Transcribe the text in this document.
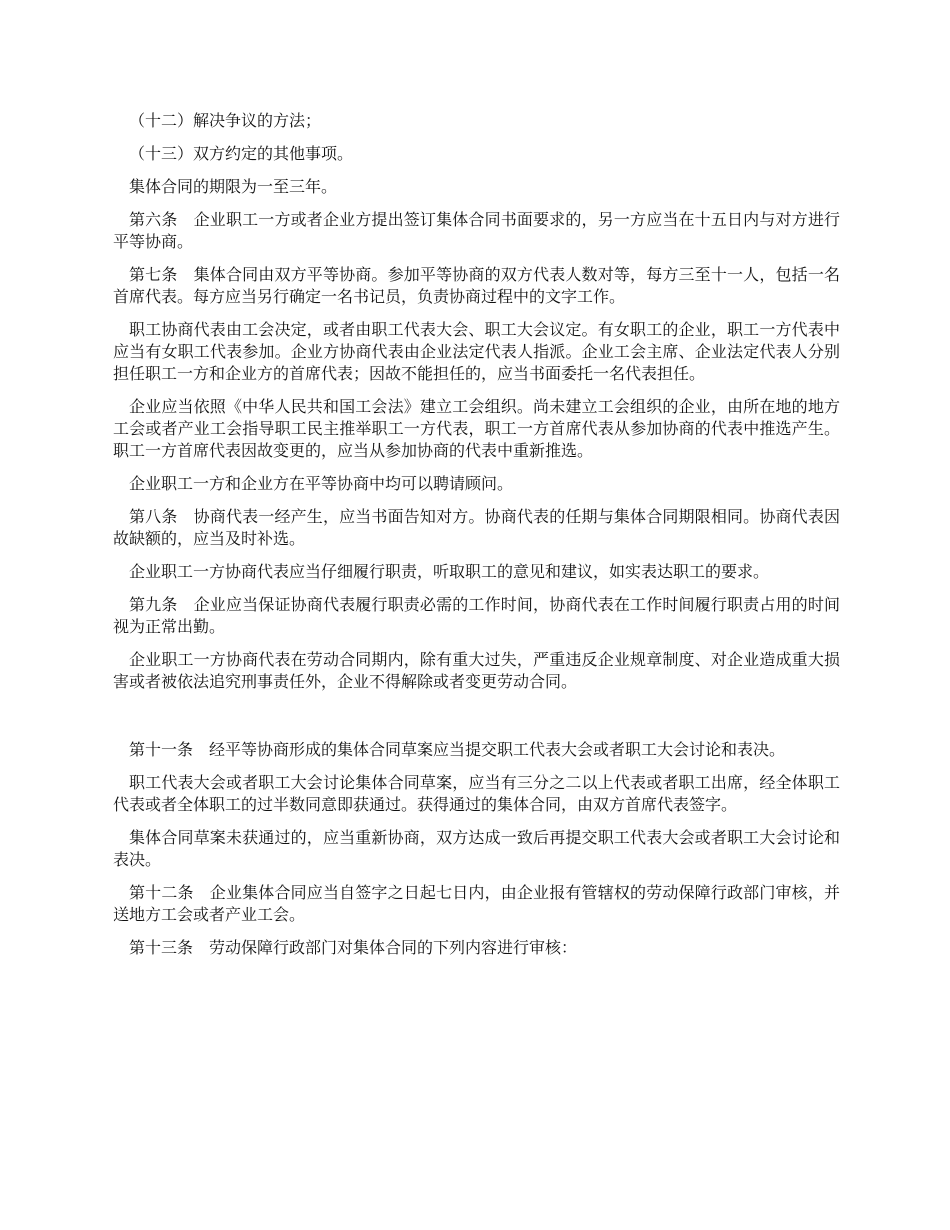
（十二）解决争议的方法；

（十三）双方约定的其他事项。

集体合同的期限为一至三年。

第六条　企业职工一方或者企业方提出签订集体合同书面要求的，另一方应当在十五日内与对方进行平等协商。

第七条　集体合同由双方平等协商。参加平等协商的双方代表人数对等，每方三至十一人，包括一名首席代表。每方应当另行确定一名书记员，负责协商过程中的文字工作。

职工协商代表由工会决定，或者由职工代表大会、职工大会议定。有女职工的企业，职工一方代表中应当有女职工代表参加。企业方协商代表由企业法定代表人指派。企业工会主席、企业法定代表人分别担任职工一方和企业方的首席代表；因故不能担任的，应当书面委托一名代表担任。

企业应当依照《中华人民共和国工会法》建立工会组织。尚未建立工会组织的企业，由所在地的地方工会或者产业工会指导职工民主推举职工一方代表，职工一方首席代表从参加协商的代表中推选产生。职工一方首席代表因故变更的，应当从参加协商的代表中重新推选。

企业职工一方和企业方在平等协商中均可以聘请顾问。

第八条　协商代表一经产生，应当书面告知对方。协商代表的任期与集体合同期限相同。协商代表因故缺额的，应当及时补选。

企业职工一方协商代表应当仔细履行职责，听取职工的意见和建议，如实表达职工的要求。

第九条　企业应当保证协商代表履行职责必需的工作时间，协商代表在工作时间履行职责占用的时间视为正常出勤。

企业职工一方协商代表在劳动合同期内，除有重大过失，严重违反企业规章制度、对企业造成重大损害或者被依法追究刑事责任外，企业不得解除或者变更劳动合同。

第十一条　经平等协商形成的集体合同草案应当提交职工代表大会或者职工大会讨论和表决。

职工代表大会或者职工大会讨论集体合同草案，应当有三分之二以上代表或者职工出席，经全体职工代表或者全体职工的过半数同意即获通过。获得通过的集体合同，由双方首席代表签字。

集体合同草案未获通过的，应当重新协商，双方达成一致后再提交职工代表大会或者职工大会讨论和表决。

第十二条　企业集体合同应当自签字之日起七日内，由企业报有管辖权的劳动保障行政部门审核，并送地方工会或者产业工会。

第十三条　劳动保障行政部门对集体合同的下列内容进行审核：
